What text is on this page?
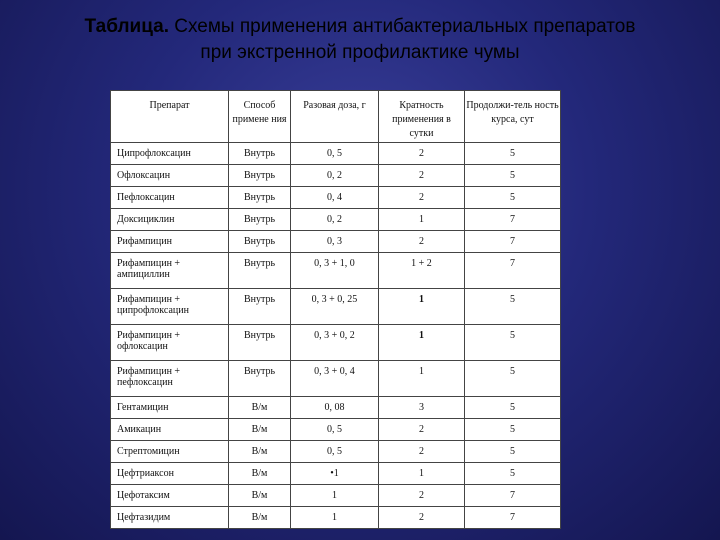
Таблица. Схемы применения антибактериальных препаратов
при экстренной профилактике чумы
Препарат	Способ примене ния	Разовая доза, г	Кратность применения в сутки	Продолжи-тель ность курса, сут
Ципрофлоксацин	Внутрь	0, 5	2	5
Офлоксацин	Внутрь	0, 2	2	5
Пефлоксацин	Внутрь	0, 4	2	5
Доксициклин	Внутрь	0, 2	1	7
Рифампицин	Внутрь	0, 3	2	7
Рифампицин + ампициллин	Внутрь	0, 3 + 1, 0	1 + 2	7
Рифампицин + ципрофлоксацин	Внутрь	0, 3 + 0, 25	1	5
Рифампицин + офлоксацин	Внутрь	0, 3 + 0, 2	1	5
Рифампицин + пефлоксацин	Внутрь	0, 3 + 0, 4	1	5
Гентамицин	В/м	0, 08	3	5
Амикацин	В/м	0, 5	2	5
Стрептомицин	В/м	0, 5	2	5
Цефтриаксон	В/м	•1	1	5
Цефотаксим	В/м	1	2	7
Цефтазидим	В/м	1	2	7
